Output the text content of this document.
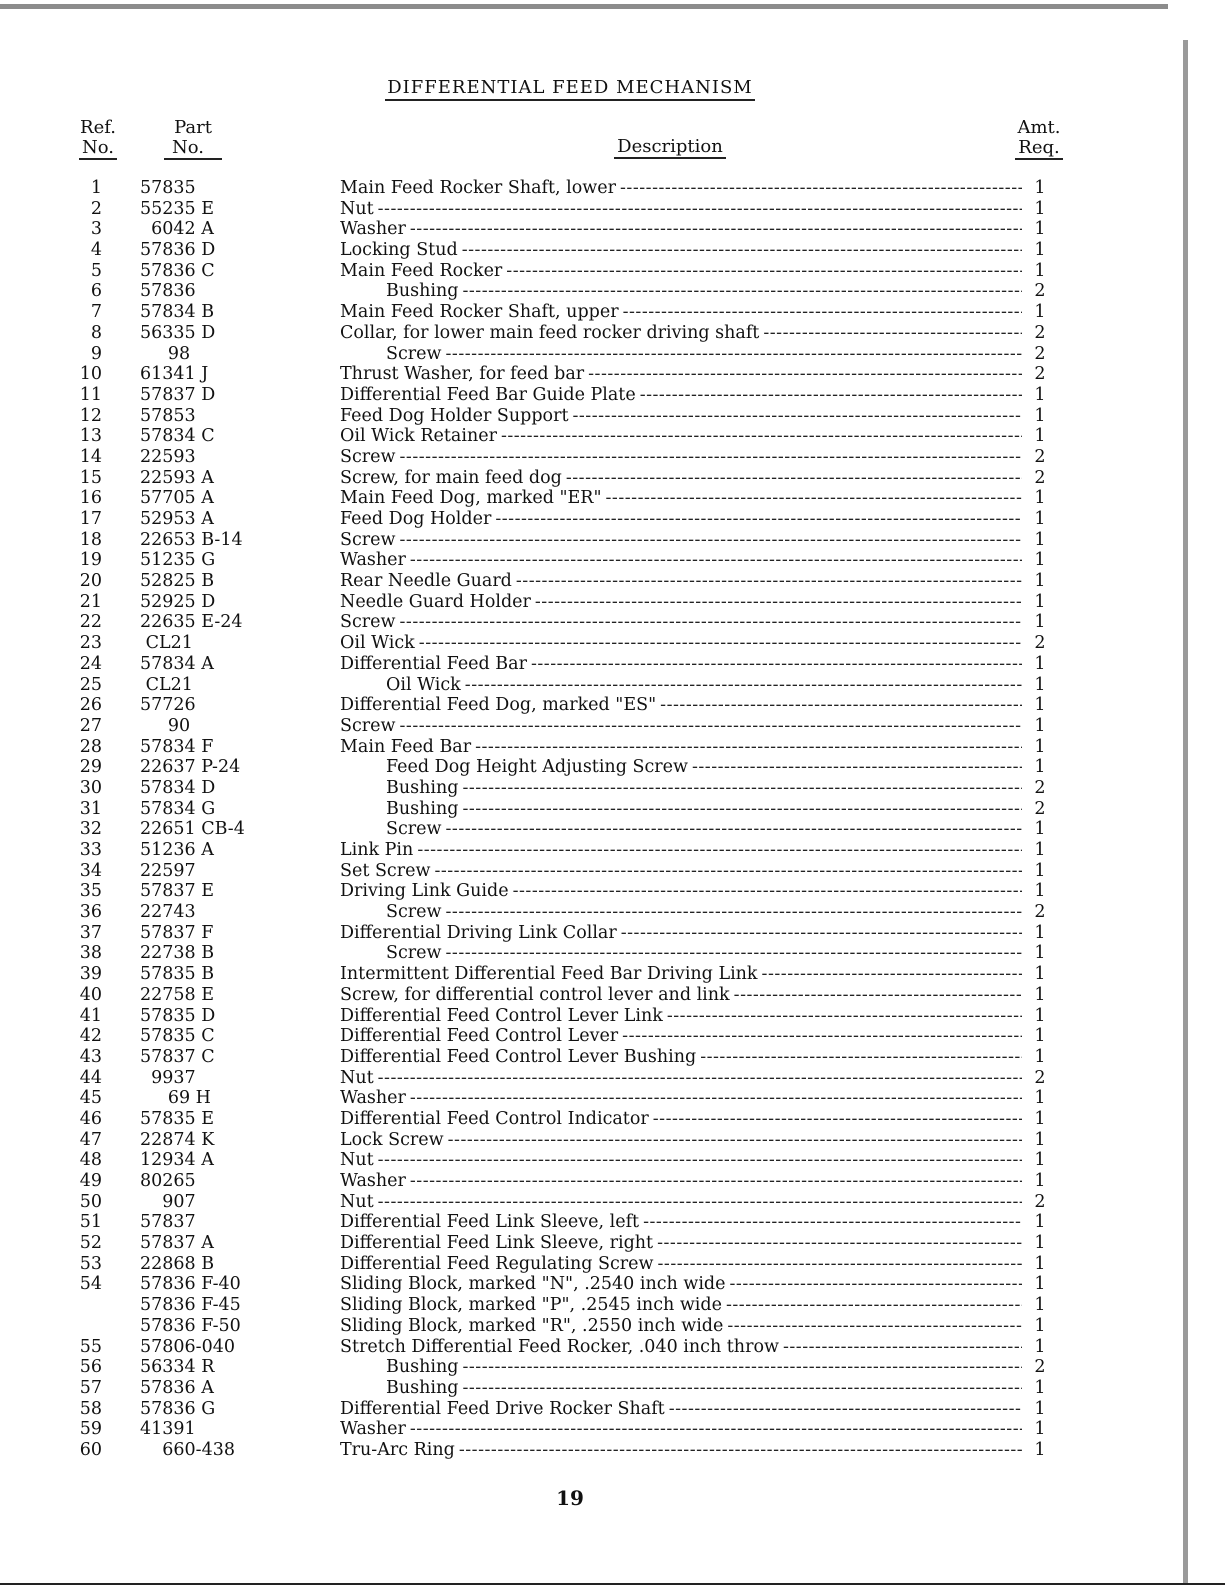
DIFFERENTIAL FEED MECHANISM
Ref.
No.
Part
No.	Description
Amt.
Req.
1 57835	Main Feed Rocker Shaft, lower -----	1
2 55235 E	Nut -----	1
3 6042 A	Washer -----	1
4 57836 D	Locking Stud -----	1
5 57836 C	Main Feed Rocker -----	1
6 57836	Bushing -----	2
7 57834 B	Main Feed Rocker Shaft, upper -----	1
8 56335 D	Collar, for lower main feed rocker driving shaft -----	2
9 98	Screw -----	2
10 61341 J	Thrust Washer, for feed bar -----	2
11 57837 D	Differential Feed Bar Guide Plate -----	1
12 57853	Feed Dog Holder Support -----	1
13 57834 C	Oil Wick Retainer -----	1
14 22593	Screw -----	2
15 22593 A	Screw, for main feed dog -----	2
16 57705 A	Main Feed Dog, marked "ER" -----	1
17 52953 A	Feed Dog Holder -----	1
18 22653 B-14	Screw -----	1
19 51235 G	Washer -----	1
20 52825 B	Rear Needle Guard -----	1
21 52925 D	Needle Guard Holder -----	1
22 22635 E-24	Screw -----	1
23 CL21	Oil Wick -----	2
24 57834 A	Differential Feed Bar -----	1
25 CL21	Oil Wick -----	1
26 57726	Differential Feed Dog, marked "ES" -----	1
27 90	Screw -----	1
28 57834 F	Main Feed Bar -----	1
29 22637 P-24	Feed Dog Height Adjusting Screw -----	1
30 57834 D	Bushing -----	2
31 57834 G	Bushing -----	2
32 22651 CB-4	Screw -----	1
33 51236 A	Link Pin -----	1
34 22597	Set Screw -----	1
35 57837 E	Driving Link Guide -----	1
36 22743	Screw -----	2
37 57837 F	Differential Driving Link Collar -----	1
38 22738 B	Screw -----	1
39 57835 B	Intermittent Differential Feed Bar Driving Link -----	1
40 22758 E	Screw, for differential control lever and link -----	1
41 57835 D	Differential Feed Control Lever Link -----	1
42 57835 C	Differential Feed Control Lever -----	1
43 57837 C	Differential Feed Control Lever Bushing -----	1
44 9937	Nut -----	2
45 69 H	Washer -----	1
46 57835 E	Differential Feed Control Indicator -----	1
47 22874 K	Lock Screw -----	1
48 12934 A	Nut -----	1
49 80265	Washer -----	1
50 907	Nut -----	2
51 57837	Differential Feed Link Sleeve, left -----	1
52 57837 A	Differential Feed Link Sleeve, right -----	1
53 22868 B	Differential Feed Regulating Screw -----	1
54 57836 F-40	Sliding Block, marked "N", .2540 inch wide -----	1
57836 F-45	Sliding Block, marked "P", .2545 inch wide -----	1
57836 F-50	Sliding Block, marked "R", .2550 inch wide -----	1
55 57806-040	Stretch Differential Feed Rocker, .040 inch throw -----	1
56 56334 R	Bushing -----	2
57 57836 A	Bushing -----	1
58 57836 G	Differential Feed Drive Rocker Shaft -----	1
59 41391	Washer -----	1
60 660-438	Tru-Arc Ring -----	1
19
